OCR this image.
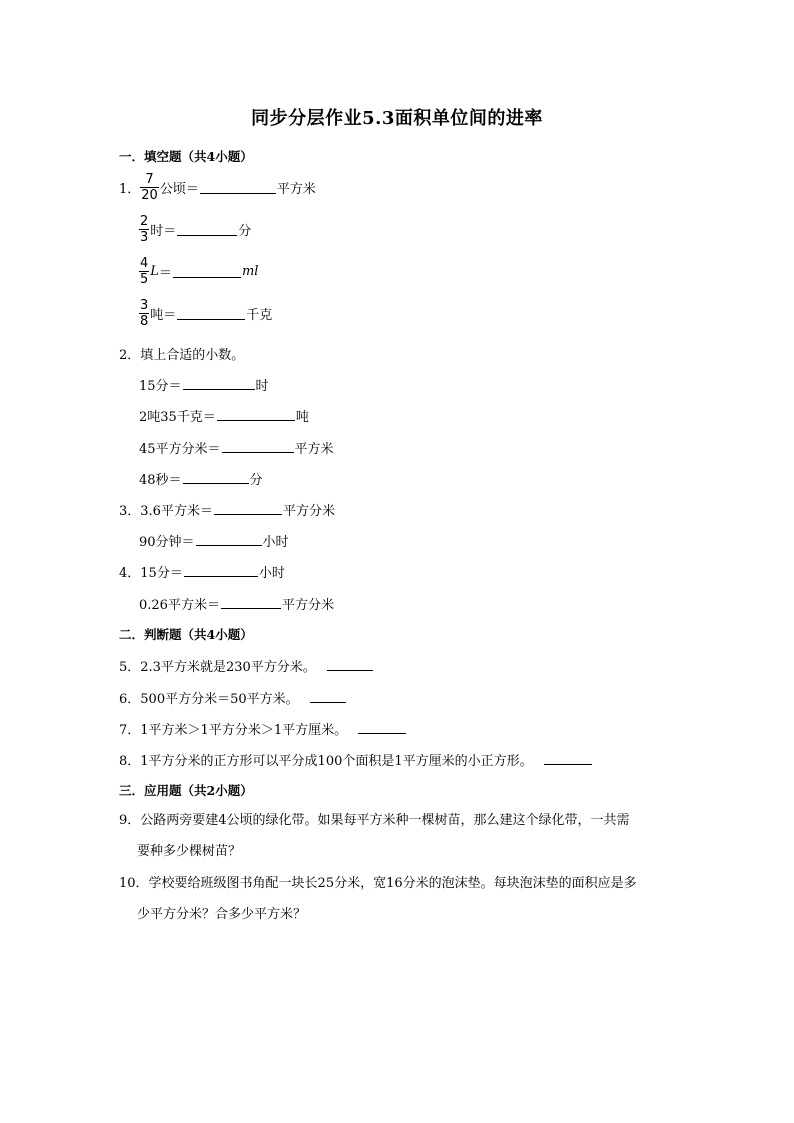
同步分层作业5.3面积单位间的进率
一．填空题（共4小题）
1． $\frac{7}{20}$ 公顷＝	平方米
$\frac{2}{3}$ 时＝	分
$\frac{4}{5}$ L ＝	ml
$\frac{3}{8}$ 吨＝	千克
2．填上合适的小数。
15分＝	时
2吨35千克＝	吨
45平方分米＝	平方米
48秒＝	分
3．3.6平方米＝	平方分米
90分钟＝	小时
4．15分＝	小时
0.26平方米＝	平方分米
二．判断题（共4小题）
5．2.3平方米就是230平方分米。
6．500平方分米＝50平方米。
7．1平方米＞1平方分米＞1平方厘米。
8．1平方分米的正方形可以平分成100个面积是1平方厘米的小正方形。
三．应用题（共2小题）
9．公路两旁要建4公顷的绿化带。如果每平方米种一棵树苗，那么建这个绿化带，一共需
要种多少棵树苗？
10．学校要给班级图书角配一块长25分米，宽16分米的泡沫垫。每块泡沫垫的面积应是多
少平方分米？合多少平方米？
